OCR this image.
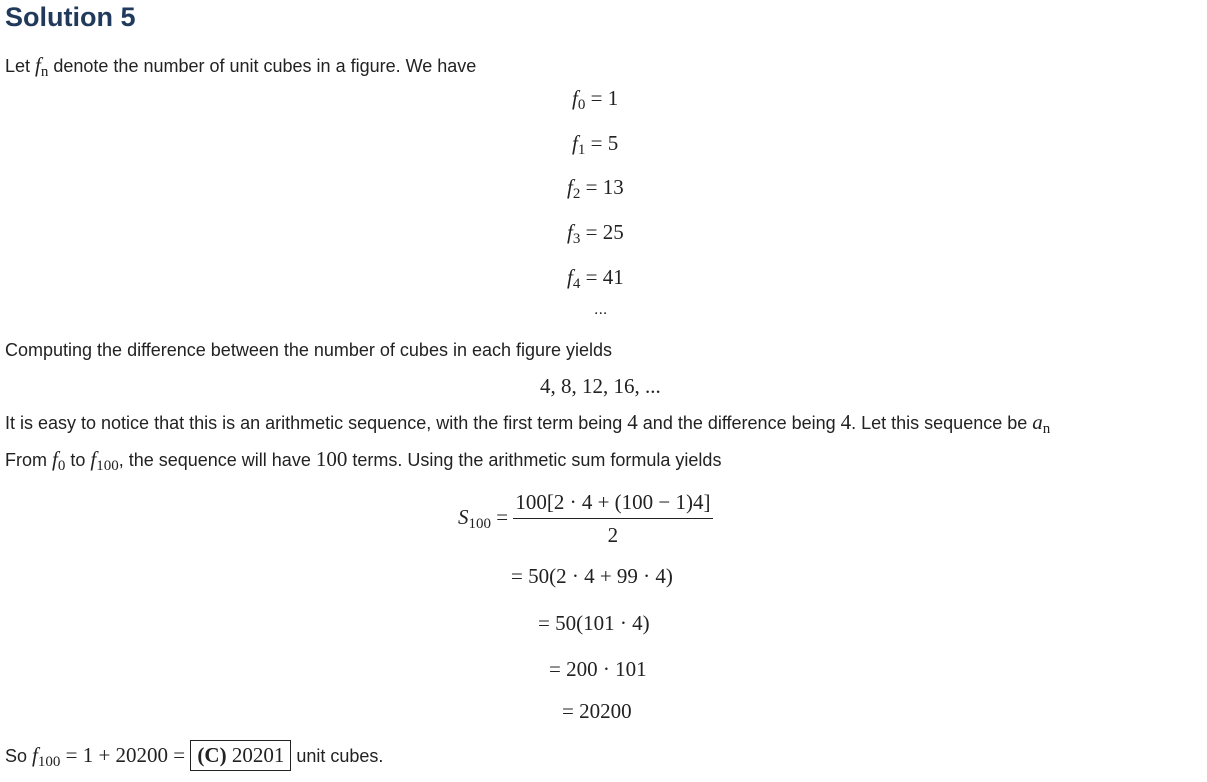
Solution 5
Let $f_n$ denote the number of unit cubes in a figure. We have
$f_0 = 1$
$f_1 = 5$
$f_2 = 13$
$f_3 = 25$
$f_4 = 41$
...
Computing the difference between the number of cubes in each figure yields
4, 8, 12, 16, ...
It is easy to notice that this is an arithmetic sequence, with the first term being 4 and the difference being 4. Let this sequence be $a_n$
From $f_0$ to $f_{100}$, the sequence will have 100 terms. Using the arithmetic sum formula yields
$S_{100} = \frac{100[2 \cdot 4 + (100 - 1)4]}{2}$
= 50(2 · 4 + 99 · 4)
= 50(101 · 4)
= 200 · 101
= 20200
So $f_{100} = 1 + 20200 = (C)$ 20201 unit cubes.
